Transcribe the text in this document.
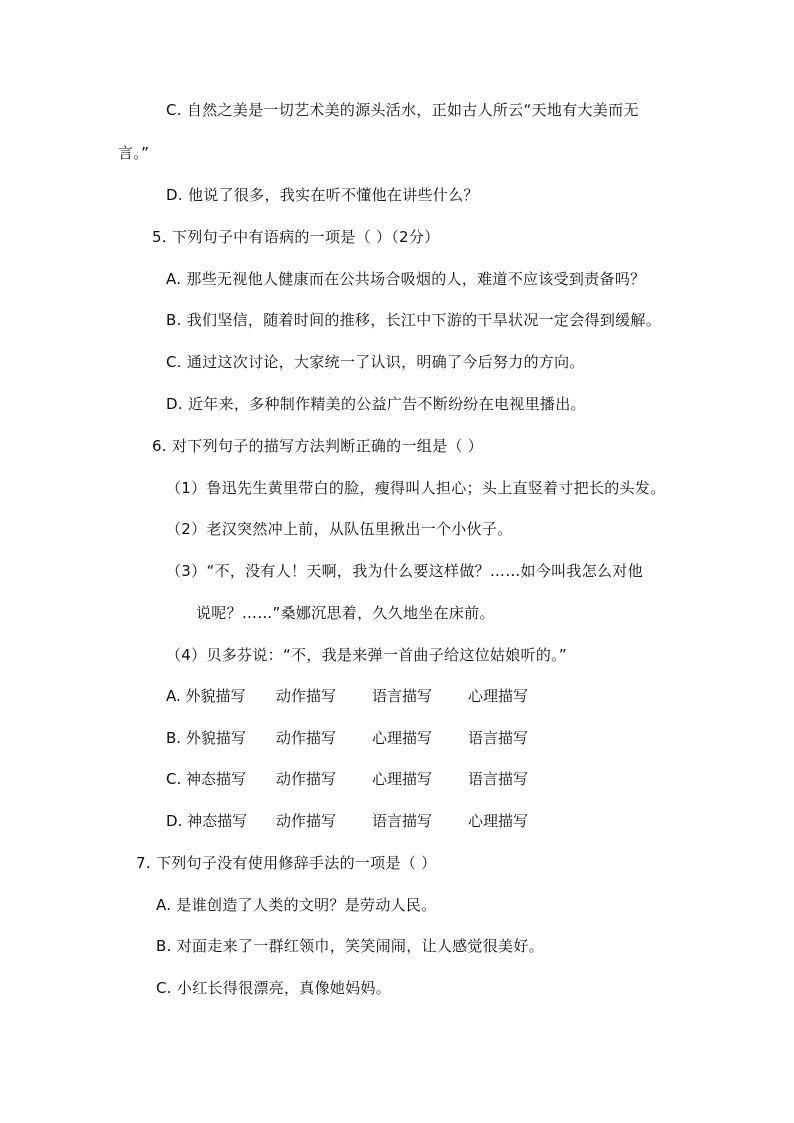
C. 自然之美是一切艺术美的源头活水，正如古人所云“天地有大美而无
言。”
D. 他说了很多，我实在听不懂他在讲些什么？
5. 下列句子中有语病的一项是（ ）（2分）
A. 那些无视他人健康而在公共场合吸烟的人，难道不应该受到责备吗？
B. 我们坚信，随着时间的推移，长江中下游的干旱状况一定会得到缓解。
C. 通过这次讨论，大家统一了认识，明确了今后努力的方向。
D. 近年来，多种制作精美的公益广告不断纷纷在电视里播出。
6. 对下列句子的描写方法判断正确的一组是（ ）
（1）鲁迅先生黄里带白的脸，瘦得叫人担心；头上直竖着寸把长的头发。
（2）老汉突然冲上前，从队伍里揪出一个小伙子。
（3）“不，没有人！天啊，我为什么要这样做？……如今叫我怎么对他
说呢？……”桑娜沉思着，久久地坐在床前。
（4）贝多芬说：“不，我是来弹一首曲子给这位姑娘听的。”
A. 外貌描写	动作描写	语言描写	心理描写
B. 外貌描写	动作描写	心理描写	语言描写
C. 神态描写	动作描写	心理描写	语言描写
D. 神态描写	动作描写	语言描写	心理描写
7. 下列句子没有使用修辞手法的一项是（ ）
A. 是谁创造了人类的文明？是劳动人民。
B. 对面走来了一群红领巾，笑笑闹闹，让人感觉很美好。
C. 小红长得很漂亮，真像她妈妈。
